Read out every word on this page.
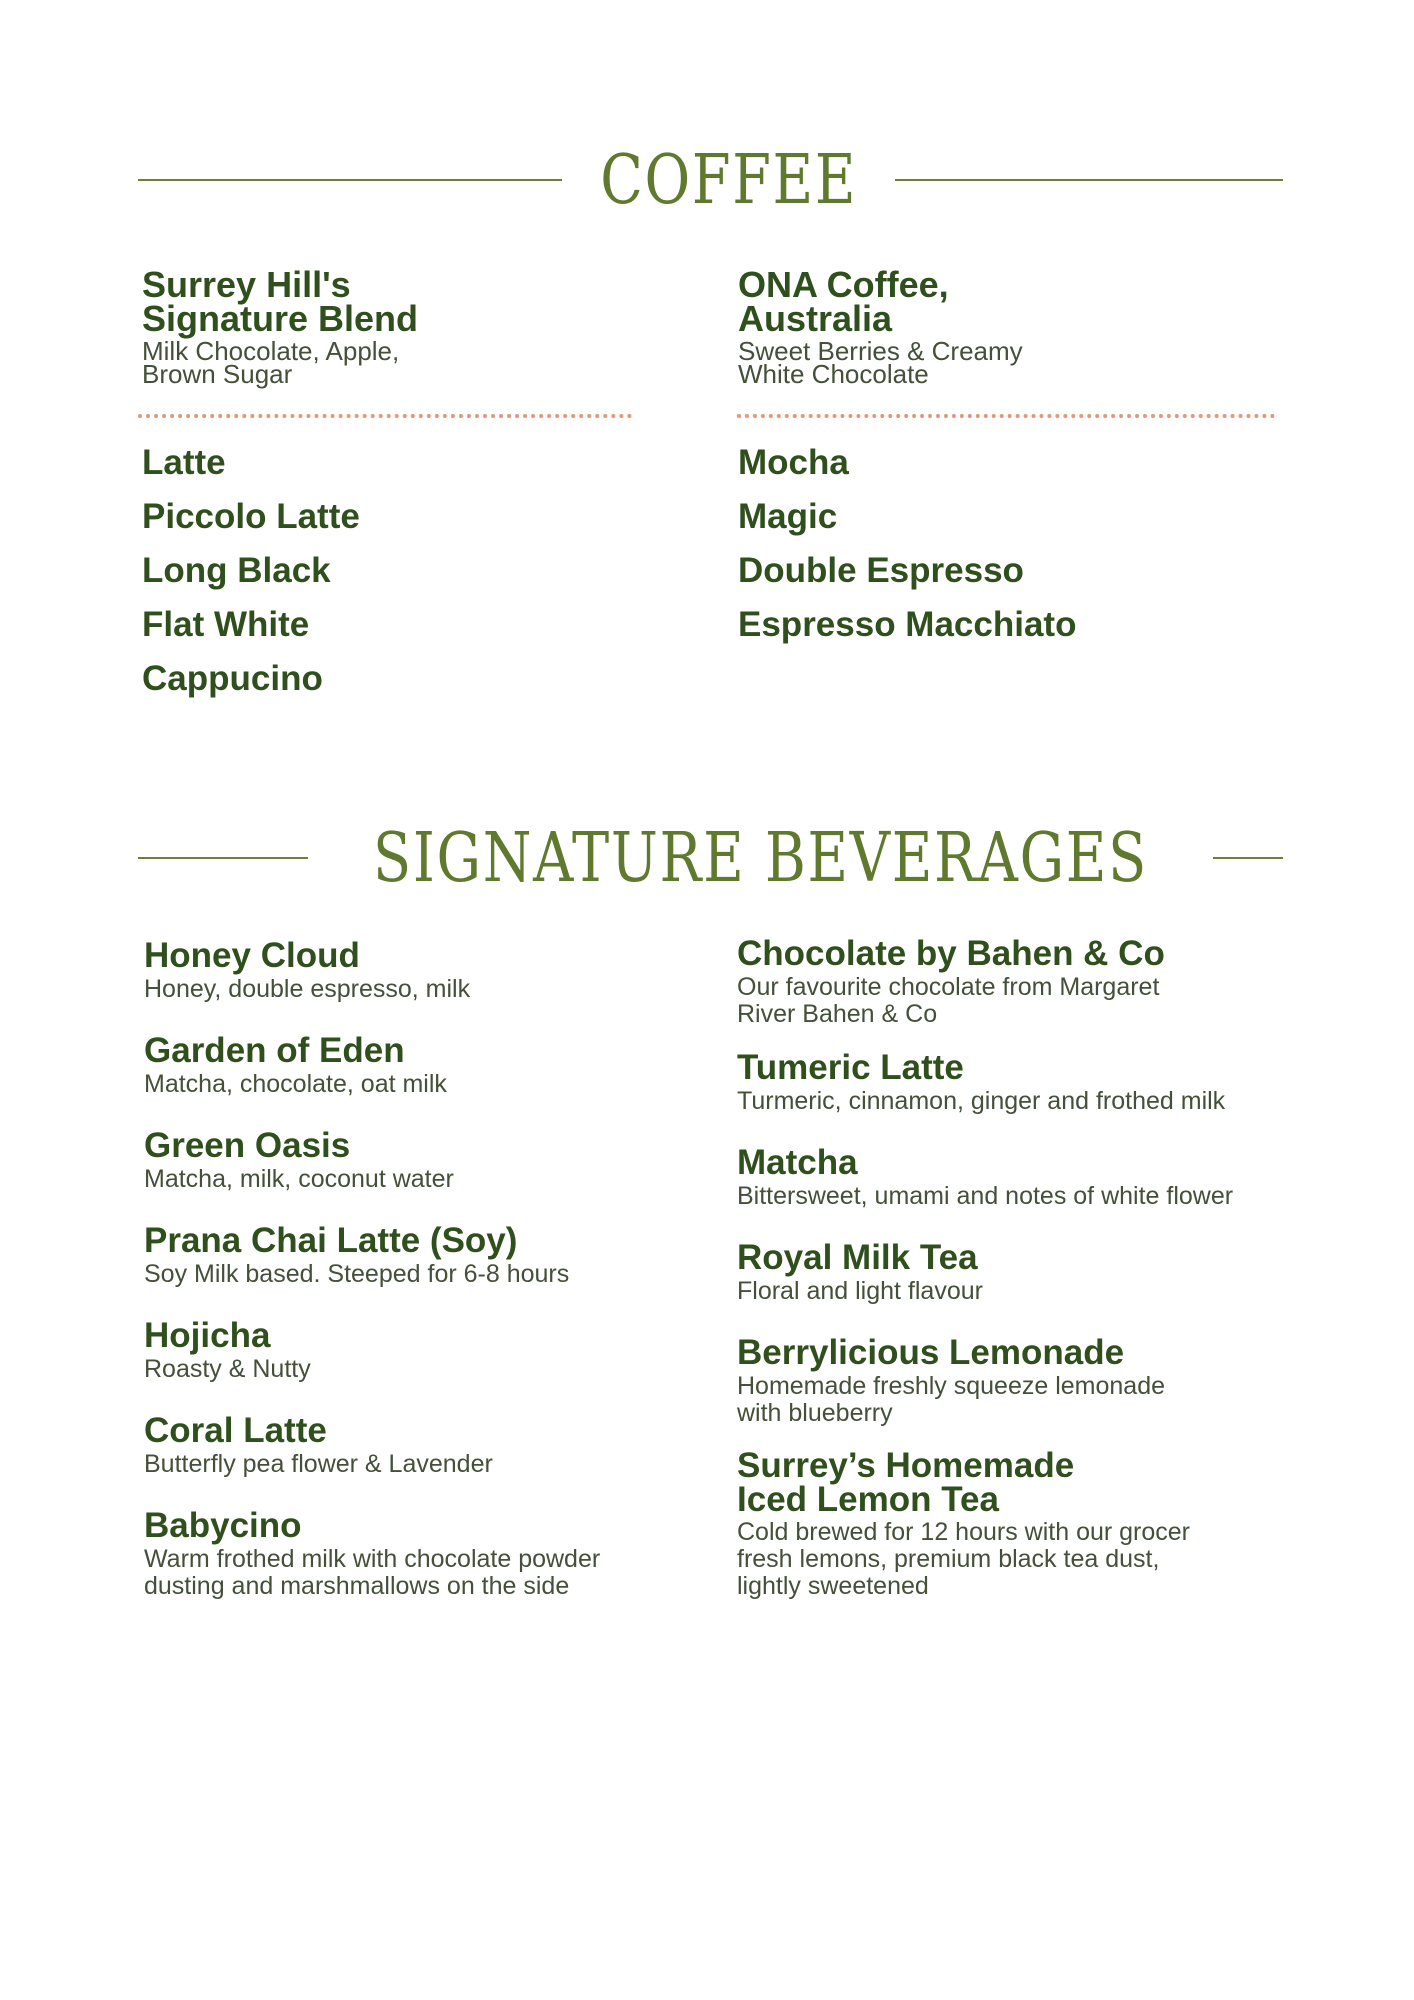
COFFEE
Surrey Hill's
Signature Blend
Milk Chocolate, Apple,
Brown Sugar
ONA Coffee,
Australia
Sweet Berries & Creamy
White Chocolate
Latte
Piccolo Latte
Long Black
Flat White
Cappucino
Mocha
Magic
Double Espresso
Espresso Macchiato
SIGNATURE BEVERAGES
Honey Cloud
Honey, double espresso, milk
Garden of Eden
Matcha, chocolate, oat milk
Green Oasis
Matcha, milk, coconut water
Prana Chai Latte (Soy)
Soy Milk based. Steeped for 6-8 hours
Hojicha
Roasty & Nutty
Coral Latte
Butterfly pea flower & Lavender
Babycino
Warm frothed milk with chocolate powder
dusting and marshmallows on the side
Chocolate by Bahen & Co
Our favourite chocolate from Margaret
River Bahen & Co
Tumeric Latte
Turmeric, cinnamon, ginger and frothed milk
Matcha
Bittersweet, umami and notes of white flower
Royal Milk Tea
Floral and light flavour
Berrylicious Lemonade
Homemade freshly squeeze lemonade
with blueberry
Surrey’s Homemade
Iced Lemon Tea
Cold brewed for 12 hours with our grocer
fresh lemons, premium black tea dust,
lightly sweetened
